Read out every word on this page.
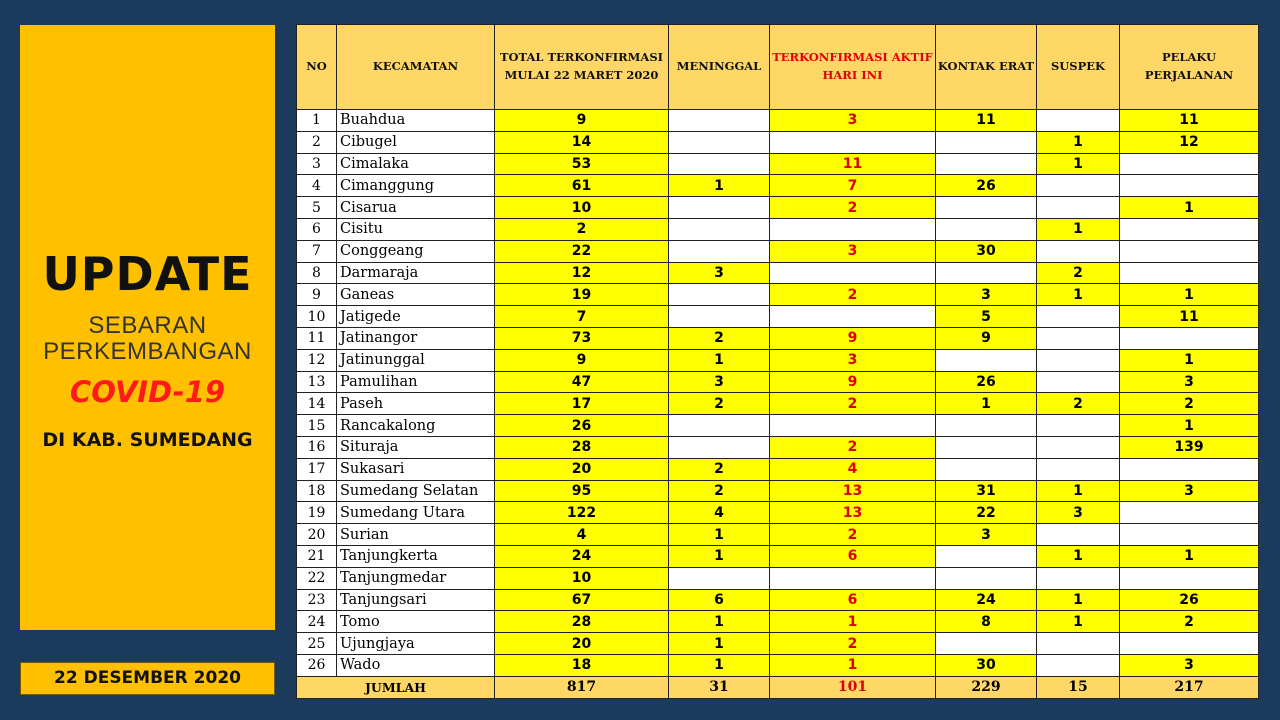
UPDATE
SEBARAN
PERKEMBANGAN
COVID-19
DI KAB. SUMEDANG
22 DESEMBER 2020
NO	KECAMATAN	TOTAL TERKONFIRMASI MULAI 22 MARET 2020	MENINGGAL	TERKONFIRMASI AKTIF HARI INI	KONTAK ERAT	SUSPEK	PELAKU PERJALANAN
1	Buahdua	9		3	11		11
2	Cibugel	14				1	12
3	Cimalaka	53		11		1	
4	Cimanggung	61	1	7	26		
5	Cisarua	10		2			1
6	Cisitu	2				1	
7	Conggeang	22		3	30		
8	Darmaraja	12	3			2	
9	Ganeas	19		2	3	1	1
10	Jatigede	7			5		11
11	Jatinangor	73	2	9	9		
12	Jatinunggal	9	1	3			1
13	Pamulihan	47	3	9	26		3
14	Paseh	17	2	2	1	2	2
15	Rancakalong	26					1
16	Situraja	28		2			139
17	Sukasari	20	2	4			
18	Sumedang Selatan	95	2	13	31	1	3
19	Sumedang Utara	122	4	13	22	3	
20	Surian	4	1	2	3		
21	Tanjungkerta	24	1	6		1	1
22	Tanjungmedar	10					
23	Tanjungsari	67	6	6	24	1	26
24	Tomo	28	1	1	8	1	2
25	Ujungjaya	20	1	2			
26	Wado	18	1	1	30		3
JUMLAH		817	31	101	229	15	217
